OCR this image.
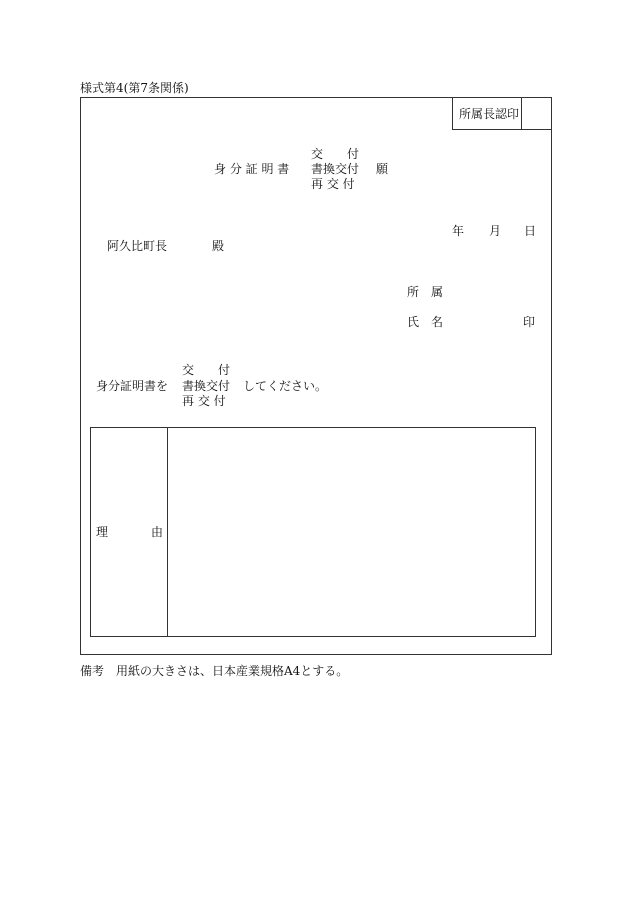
様式第4(第7条関係)
所属長認印
交　　付
身 分 証 明 書 書換交付 願
再 交 付
年 月 日
阿久比町長	殿
所　属
氏　名	印
交　　付
身分証明書を 書換交付 してください。
再 交 付
理	由
備考　用紙の大きさは、日本産業規格A4とする。
